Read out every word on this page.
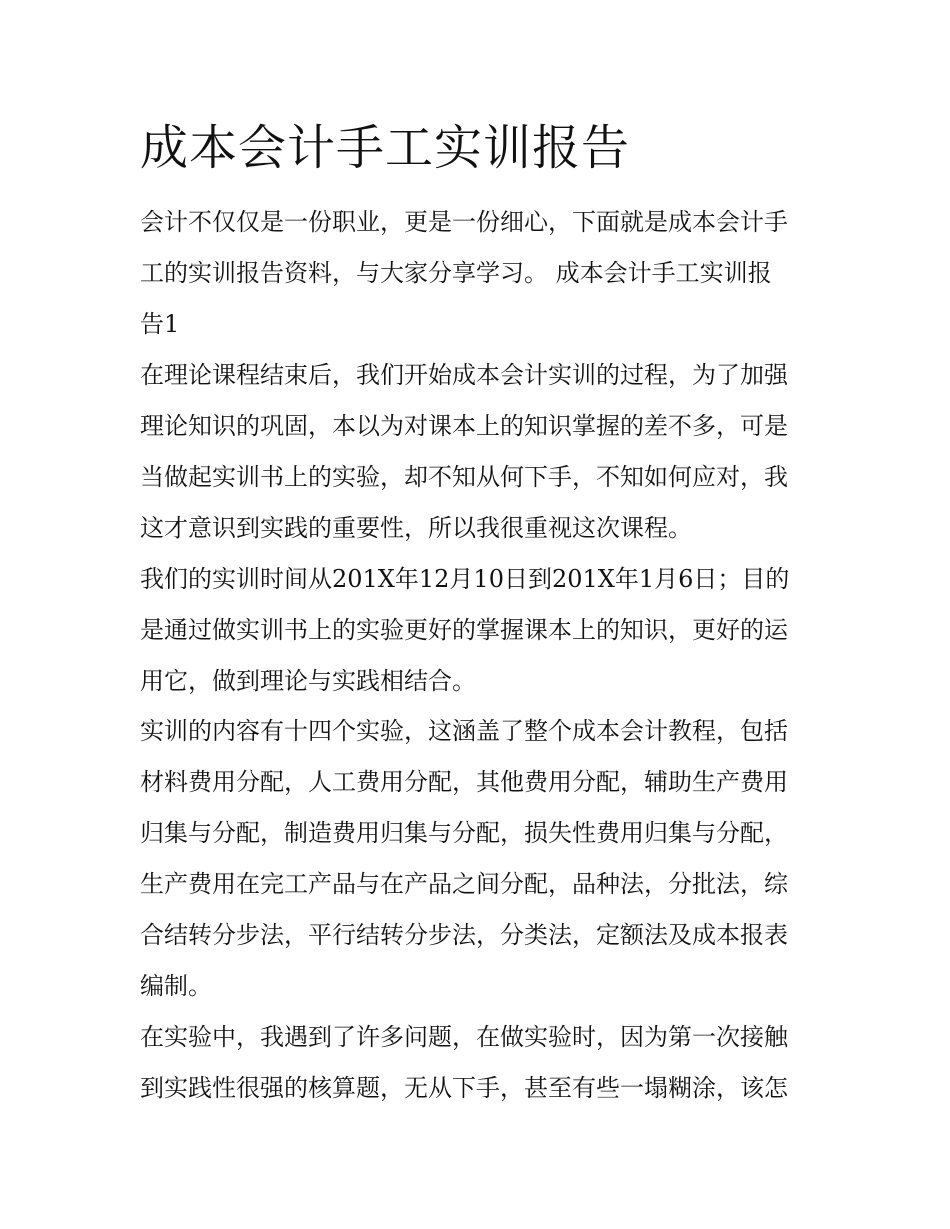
成本会计手工实训报告
会计不仅仅是一份职业，更是一份细心，下面就是成本会计手
工的实训报告资料，与大家分享学习。 成本会计手工实训报
告1
在理论课程结束后，我们开始成本会计实训的过程，为了加强
理论知识的巩固，本以为对课本上的知识掌握的差不多，可是
当做起实训书上的实验，却不知从何下手，不知如何应对，我
这才意识到实践的重要性，所以我很重视这次课程。
我们的实训时间从201X年12月10日到201X年1月6日；目的
是通过做实训书上的实验更好的掌握课本上的知识，更好的运
用它，做到理论与实践相结合。
实训的内容有十四个实验，这涵盖了整个成本会计教程，包括
材料费用分配，人工费用分配，其他费用分配，辅助生产费用
归集与分配，制造费用归集与分配，损失性费用归集与分配，
生产费用在完工产品与在产品之间分配，品种法，分批法，综
合结转分步法，平行结转分步法，分类法，定额法及成本报表
编制。
在实验中，我遇到了许多问题，在做实验时，因为第一次接触
到实践性很强的核算题，无从下手，甚至有些一塌糊涂，该怎
